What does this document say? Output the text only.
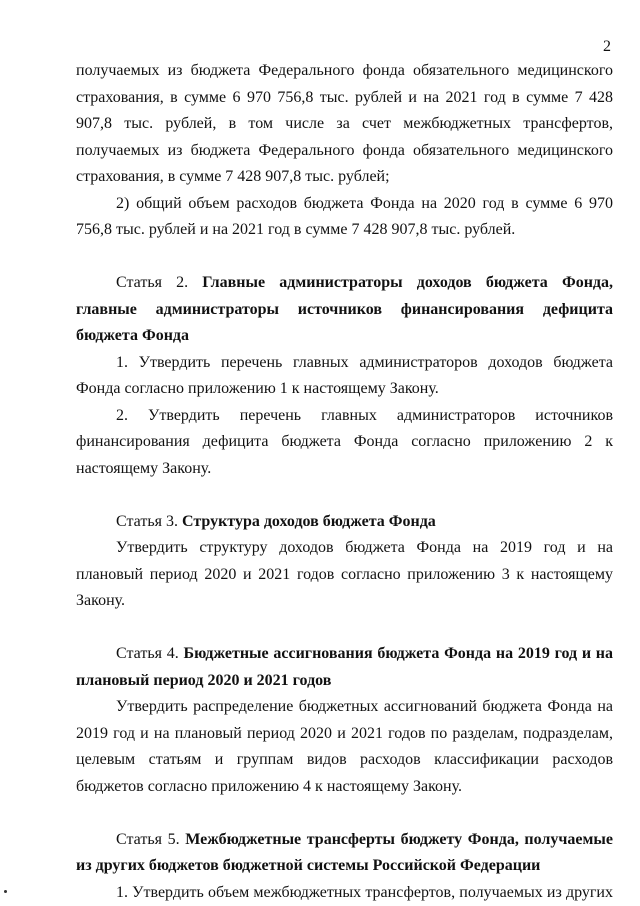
2

получаемых из бюджета Федерального фонда обязательного медицинского страхования, в сумме 6 970 756,8 тыс. рублей и на 2021 год в сумме 7 428 907,8 тыс. рублей, в том числе за счет межбюджетных трансфертов, получаемых из бюджета Федерального фонда обязательного медицинского страхования, в сумме 7 428 907,8 тыс. рублей;

2) общий объем расходов бюджета Фонда на 2020 год в сумме 6 970 756,8 тыс. рублей и на 2021 год в сумме 7 428 907,8 тыс. рублей.

Статья 2. Главные администраторы доходов бюджета Фонда, главные администраторы источников финансирования дефицита бюджета Фонда

1. Утвердить перечень главных администраторов доходов бюджета Фонда согласно приложению 1 к настоящему Закону.

2. Утвердить перечень главных администраторов источников

финансирования дефицита бюджета Фонда согласно приложению 2 к настоящему Закону.

Статья 3. Структура доходов бюджета Фонда

Утвердить структуру доходов бюджета Фонда на 2019 год и на плановый период 2020 и 2021 годов согласно приложению 3 к настоящему Закону.

Статья 4. Бюджетные ассигнования бюджета Фонда на 2019 год и на плановый период 2020 и 2021 годов

Утвердить распределение бюджетных ассигнований бюджета Фонда на 2019 год и на плановый период 2020 и 2021 годов по разделам, подразделам, целевым статьям и группам видов расходов классификации расходов бюджетов согласно приложению 4 к настоящему Закону.

Статья 5. Межбюджетные трансферты бюджету Фонда, получаемые из других бюджетов бюджетной системы Российской Федерации

1. Утвердить объем межбюджетных трансфертов, получаемых из других
